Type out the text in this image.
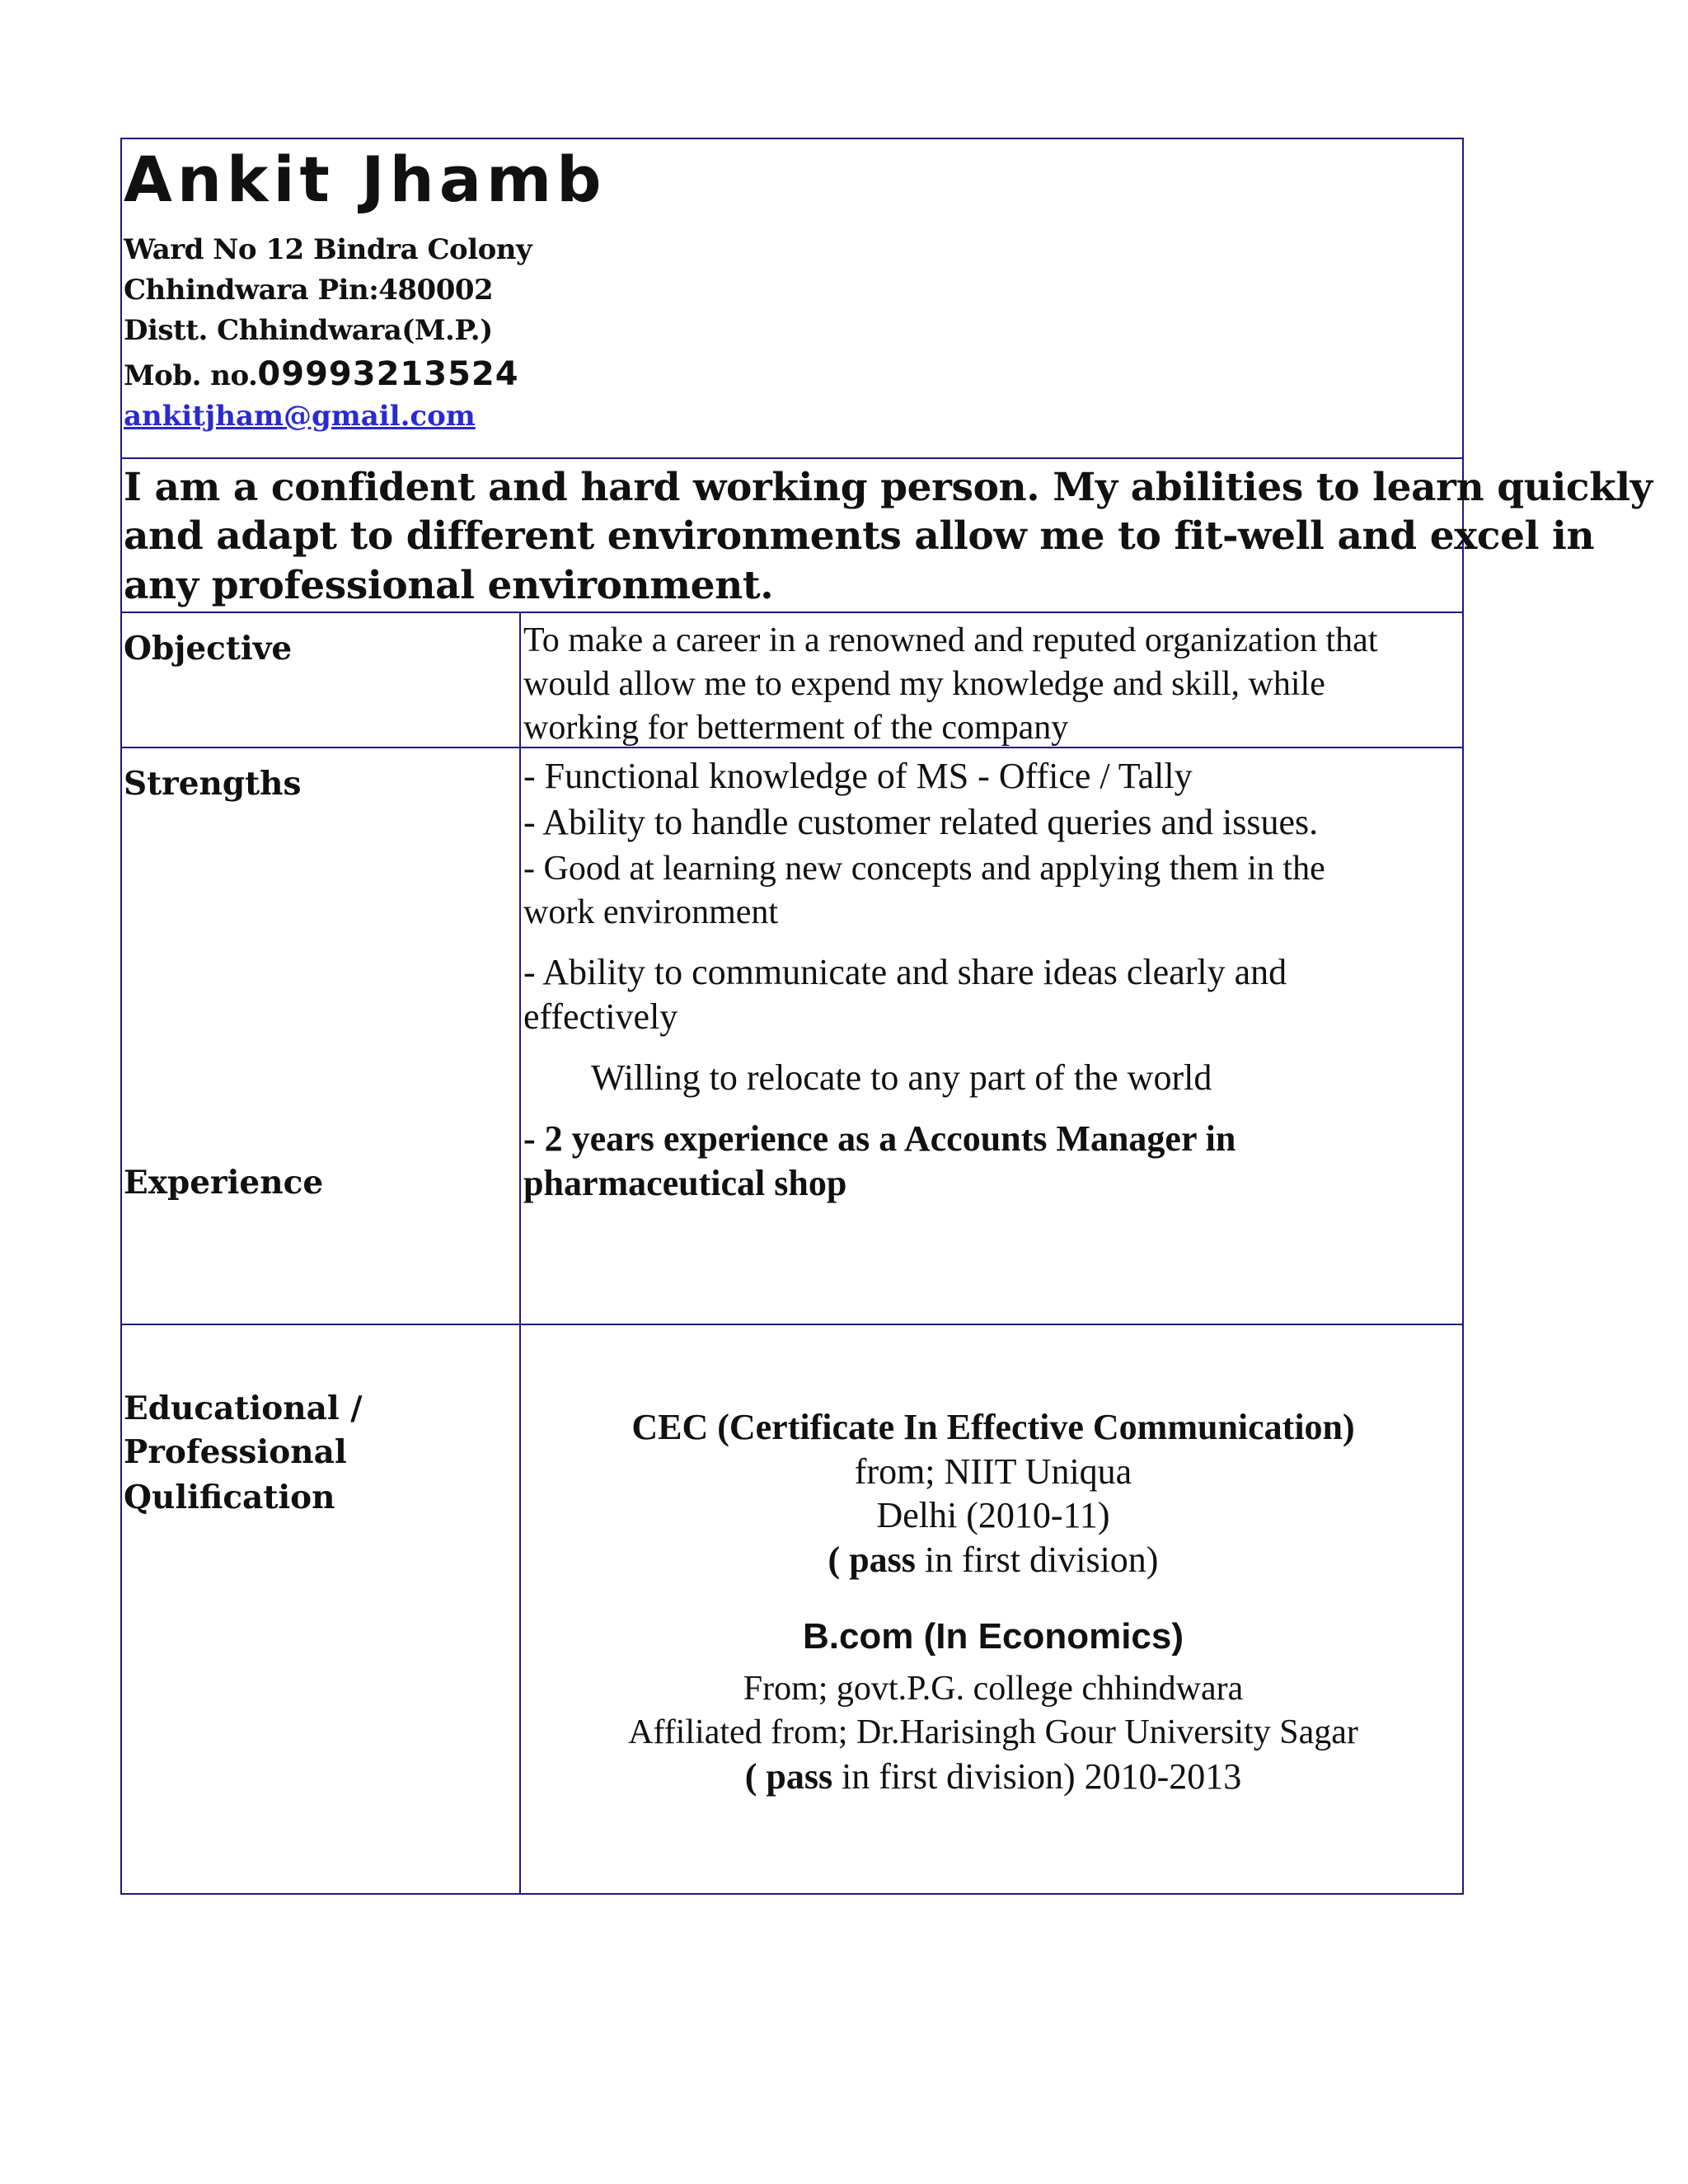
Ankit Jhamb
Ward No 12 Bindra Colony
Chhindwara Pin:480002
Distt. Chhindwara(M.P.)
Mob. no.09993213524
ankitjham@gmail.com
I am a confident and hard working person. My abilities to learn quickly
and adapt to different environments allow me to fit-well and excel in
any professional environment.
Objective	To make a career in a renowned and reputed organization that
would allow me to expend my knowledge and skill, while
working for betterment of the company
Strengths	- Functional knowledge of MS - Office / Tally
- Ability to handle customer related queries and issues.
- Good at learning new concepts and applying them in the
work environment
- Ability to communicate and share ideas clearly and
effectively
Willing to relocate to any part of the world
Experience
- 2 years experience as a Accounts Manager in
pharmaceutical shop
Educational /
Professional
Qulification
CEC (Certificate In Effective Communication)
from; NIIT Uniqua
Delhi (2010-11)
( pass in first division)
B.com (In Economics)
From; govt.P.G. college chhindwara
Affiliated from; Dr.Harisingh Gour University Sagar
( pass in first division) 2010-2013
